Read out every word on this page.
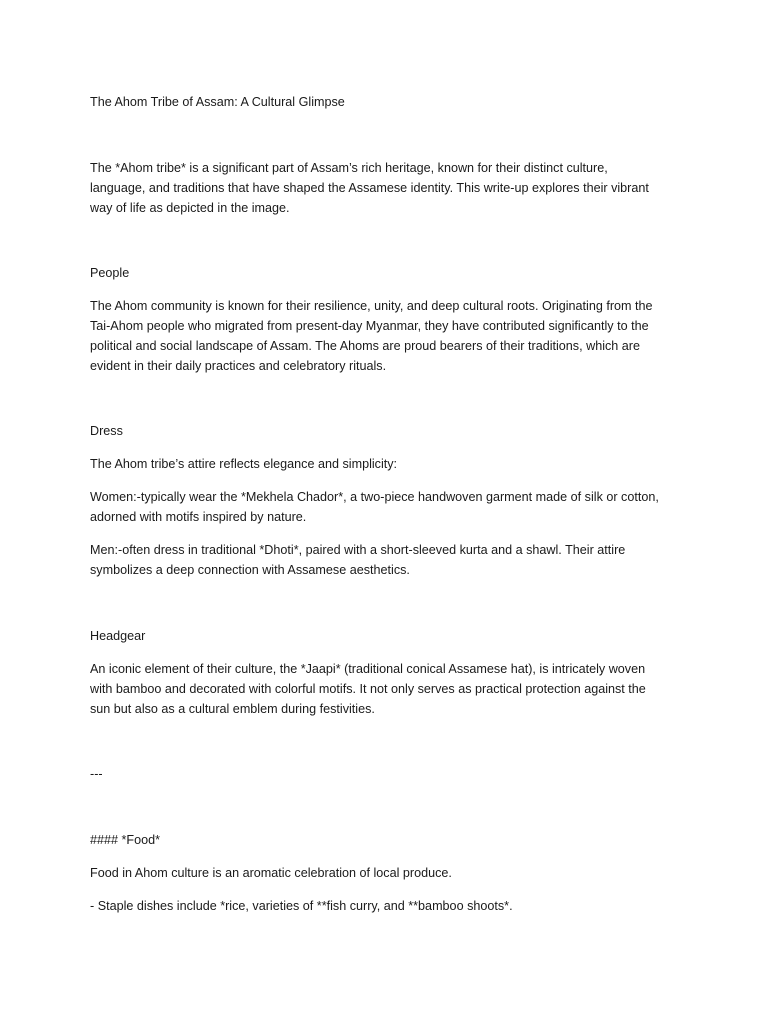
The Ahom Tribe of Assam: A Cultural Glimpse

The *Ahom tribe* is a significant part of Assam’s rich heritage, known for their distinct culture,
language, and traditions that have shaped the Assamese identity. This write-up explores their vibrant
way of life as depicted in the image.

People

The Ahom community is known for their resilience, unity, and deep cultural roots. Originating from the
Tai-Ahom people who migrated from present-day Myanmar, they have contributed significantly to the
political and social landscape of Assam. The Ahoms are proud bearers of their traditions, which are
evident in their daily practices and celebratory rituals.

Dress

The Ahom tribe’s attire reflects elegance and simplicity:

Women:-typically wear the *Mekhela Chador*, a two-piece handwoven garment made of silk or cotton,
adorned with motifs inspired by nature.

Men:-often dress in traditional *Dhoti*, paired with a short-sleeved kurta and a shawl. Their attire
symbolizes a deep connection with Assamese aesthetics.

Headgear

An iconic element of their culture, the *Jaapi* (traditional conical Assamese hat), is intricately woven
with bamboo and decorated with colorful motifs. It not only serves as practical protection against the
sun but also as a cultural emblem during festivities.

---

#### *Food*

Food in Ahom culture is an aromatic celebration of local produce.

- Staple dishes include *rice, varieties of **fish curry, and **bamboo shoots*.
